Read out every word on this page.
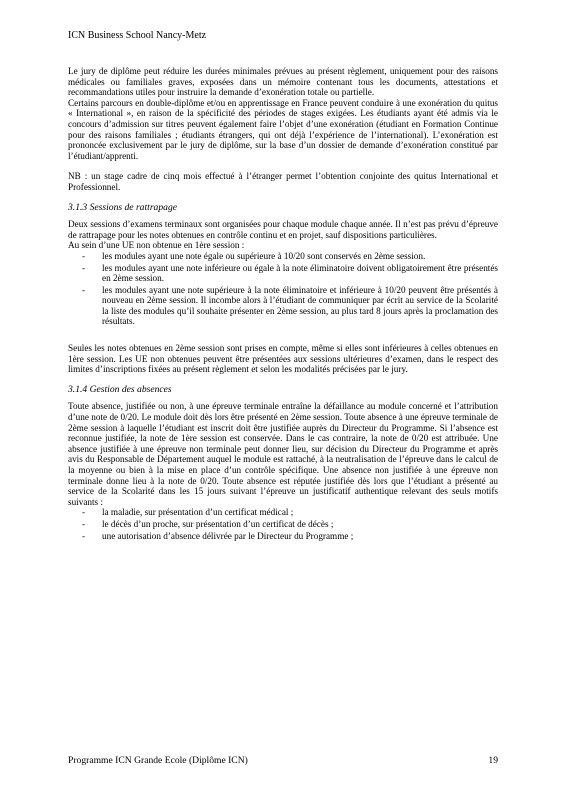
ICN Business School Nancy-Metz

Le jury de diplôme peut réduire les durées minimales prévues au présent règlement, uniquement pour des raisons médicales ou familiales graves, exposées dans un mémoire contenant tous les documents, attestations et recommandations utiles pour instruire la demande d’exonération totale ou partielle.

Certains parcours en double-diplôme et/ou en apprentissage en France peuvent conduire à une exonération du quitus « International », en raison de la spécificité des périodes de stages exigées. Les étudiants ayant été admis via le concours d’admission sur titres peuvent également faire l’objet d’une exonération (étudiant en Formation Continue pour des raisons familiales ; étudiants étrangers, qui ont déjà l’expérience de l’international). L’exonération est prononcée exclusivement par le jury de diplôme, sur la base d’un dossier de demande d’exonération constitué par l’étudiant/apprenti.

NB : un stage cadre de cinq mois effectué à l’étranger permet l’obtention conjointe des quitus International et Professionnel.

3.1.3 Sessions de rattrapage

Deux sessions d’examens terminaux sont organisées pour chaque module chaque année. Il n’est pas prévu d’épreuve de rattrapage pour les notes obtenues en contrôle continu et en projet, sauf dispositions particulières.

Au sein d’une UE non obtenue en 1ère session :

- les modules ayant une note égale ou supérieure à 10/20 sont conservés en 2ème session.
- les modules ayant une note inférieure ou égale à la note éliminatoire doivent obligatoirement être présentés en 2ème session.
- les modules ayant une note supérieure à la note éliminatoire et inférieure à 10/20 peuvent être présentés à nouveau en 2ème session. Il incombe alors à l’étudiant de communiquer par écrit au service de la Scolarité la liste des modules qu’il souhaite présenter en 2ème session, au plus tard 8 jours après la proclamation des résultats.

Seules les notes obtenues en 2ème session sont prises en compte, même si elles sont inférieures à celles obtenues en 1ère session. Les UE non obtenues peuvent être présentées aux sessions ultérieures d’examen, dans le respect des limites d’inscriptions fixées au présent règlement et selon les modalités précisées par le jury.

3.1.4 Gestion des absences

Toute absence, justifiée ou non, à une épreuve terminale entraîne la défaillance au module concerné et l’attribution d’une note de 0/20. Le module doit dès lors être présenté en 2ème session. Toute absence à une épreuve terminale de 2ème session à laquelle l’étudiant est inscrit doit être justifiée auprès du Directeur du Programme. Si l’absence est reconnue justifiée, la note de 1ère session est conservée. Dans le cas contraire, la note de 0/20 est attribuée. Une absence justifiée à une épreuve non terminale peut donner lieu, sur décision du Directeur du Programme et après avis du Responsable de Département auquel le module est rattaché, à la neutralisation de l’épreuve dans le calcul de la moyenne ou bien à la mise en place d’un contrôle spécifique. Une absence non justifiée à une épreuve non terminale donne lieu à la note de 0/20. Toute absence est réputée justifiée dès lors que l’étudiant a présenté au service de la Scolarité dans les 15 jours suivant l’épreuve un justificatif authentique relevant des seuls motifs suivants :

- la maladie, sur présentation d’un certificat médical ;
- le décès d’un proche, sur présentation d’un certificat de décès ;
- une autorisation d’absence délivrée par le Directeur du Programme ;
Programme ICN Grande Ecole (Diplôme ICN)	19
